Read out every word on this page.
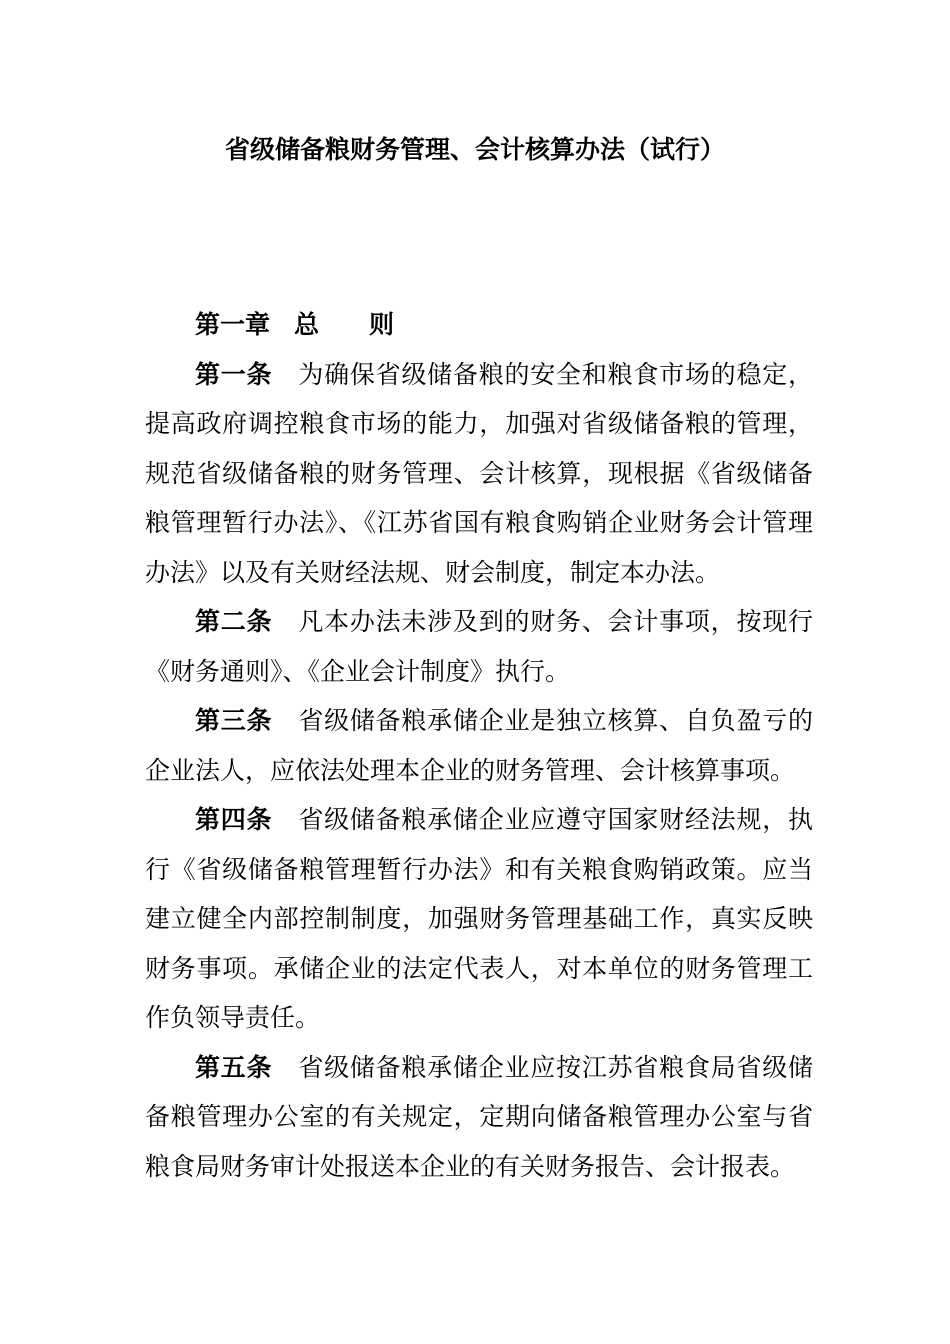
省级储备粮财务管理、会计核算办法（试行）

第一章 总 则

第一条 为确保省级储备粮的安全和粮食市场的稳定，提高政府调控粮食市场的能力，加强对省级储备粮的管理，规范省级储备粮的财务管理、会计核算，现根据《省级储备粮管理暂行办法》、《江苏省国有粮食购销企业财务会计管理办法》以及有关财经法规、财会制度，制定本办法。

第二条 凡本办法未涉及到的财务、会计事项，按现行《财务通则》、《企业会计制度》执行。

第三条 省级储备粮承储企业是独立核算、自负盈亏的企业法人，应依法处理本企业的财务管理、会计核算事项。

第四条 省级储备粮承储企业应遵守国家财经法规，执行《省级储备粮管理暂行办法》和有关粮食购销政策。应当建立健全内部控制制度，加强财务管理基础工作，真实反映财务事项。承储企业的法定代表人，对本单位的财务管理工作负领导责任。

第五条 省级储备粮承储企业应按江苏省粮食局省级储备粮管理办公室的有关规定，定期向储备粮管理办公室与省粮食局财务审计处报送本企业的有关财务报告、会计报表。
